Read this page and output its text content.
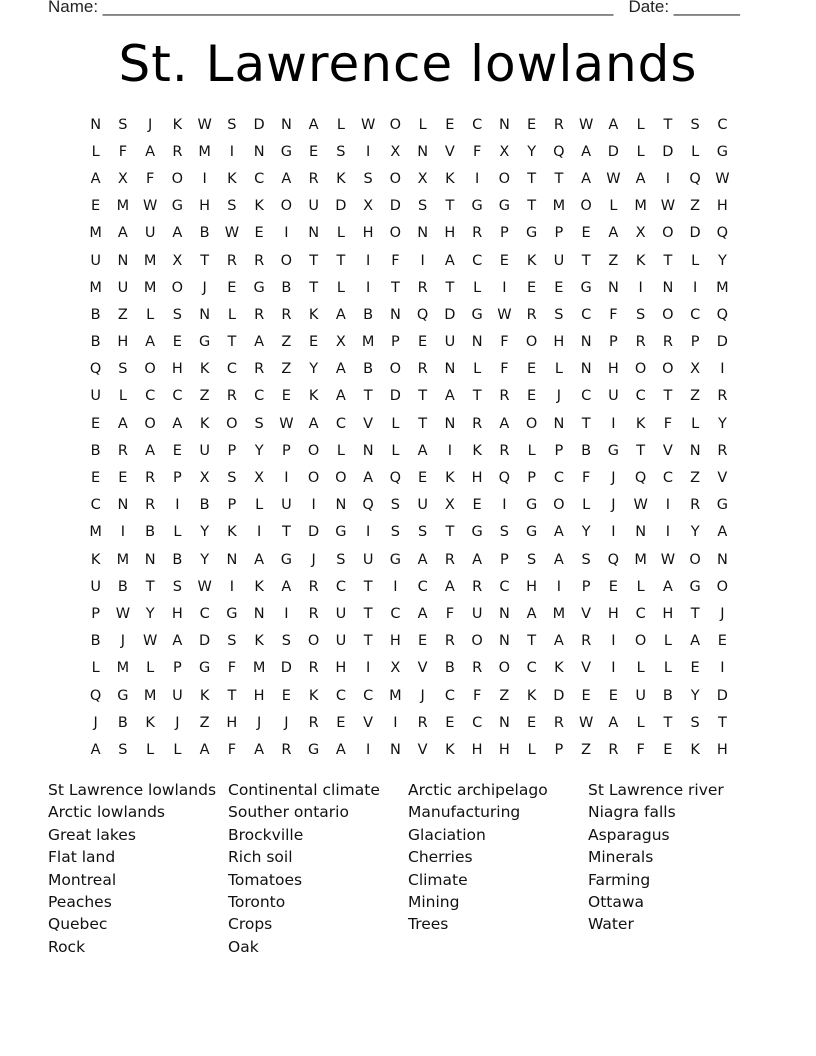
Name: ______________________________________________________ Date: _______
St. Lawrence lowlands
N	S	J	K	W	S	D	N	A	L	W O	L	E	C	N	E	R	W	A	L	T	S	C
L	F	A	R	M	I	N	G	E	S	I	X	N	V	F	X	Y	Q	A	D	L	D	L	G
A	X	F	O	I	K	C	A	R	K	S	O	X	K	I	O	T	T	A	W	A	I	Q W
E	M W G	H	S	K	O	U	D	X	D	S	T	G	G	T	M	O	L	M W	Z	H
M	A	U	A	B	W	E	I	N	L	H	O	N	H	R	P	G	P	E	A	X	O	D	Q
U	N	M	X	T	R	R	O	T	T	I	F	I	A	C	E	K	U	T	Z	K	T	L	Y
M	U	M	O	J	E	G	B	T	L	I	T	R	T	L	I	E	E	G	N	I	N	I	M
B	Z	L	S	N	L	R	R	K	A	B	N	Q	D	G W	R	S	C	F	S	O	C	Q
B	H	A	E	G	T	A	Z	E	X	M	P	E	U	N	F	O	H	N	P	R	R	P	D
Q	S	O	H	K	C	R	Z	Y	A	B	O	R	N	L	F	E	L	N	H	O	O	X	I
U	L	C	C	Z	R	C	E	K	A	T	D	T	A	T	R	E	J	C	U	C	T	Z	R
E	A	O	A	K	O	S	W	A	C	V	L	T	N	R	A	O	N	T	I	K	F	L	Y
B	R	A	E	U	P	Y	P	O	L	N	L	A	I	K	R	L	P	B	G	T	V	N	R
E	E	R	P	X	S	X	I	O	O	A	Q	E	K	H	Q	P	C	F	J	Q	C	Z	V
C	N	R	I	B	P	L	U	I	N	Q	S	U	X	E	I	G	O	L	J	W	I	R	G
M	I	B	L	Y	K	I	T	D	G	I	S	S	T	G	S	G	A	Y	I	N	I	Y	A
K	M	N	B	Y	N	A	G	J	S	U	G	A	R	A	P	S	A	S	Q	M W O	N
U	B	T	S	W	I	K	A	R	C	T	I	C	A	R	C	H	I	P	E	L	A	G	O
P	W	Y	H	C	G	N	I	R	U	T	C	A	F	U	N	A	M	V	H	C	H	T	J
B	J	W	A	D	S	K	S	O	U	T	H	E	R	O	N	T	A	R	I	O	L	A	E
L	M	L	P	G	F	M	D	R	H	I	X	V	B	R	O	C	K	V	I	L	L	E	I
Q	G	M	U	K	T	H	E	K	C	C	M	J	C	F	Z	K	D	E	E	U	B	Y	D
J	B	K	J	Z	H	J	J	R	E	V	I	R	E	C	N	E	R	W	A	L	T	S	T
A	S	L	L	A	F	A	R	G	A	I	N	V	K	H	H	L	P	Z	R	F	E	K	H
St Lawrence lowlands
Arctic lowlands
Great lakes
Flat land
Montreal
Peaches
Quebec
Rock
Continental climate
Souther ontario
Brockville
Rich soil
Tomatoes
Toronto
Crops
Oak
Arctic archipelago
Manufacturing
Glaciation
Cherries
Climate
Mining
Trees
St Lawrence river
Niagra falls
Asparagus
Minerals
Farming
Ottawa
Water
